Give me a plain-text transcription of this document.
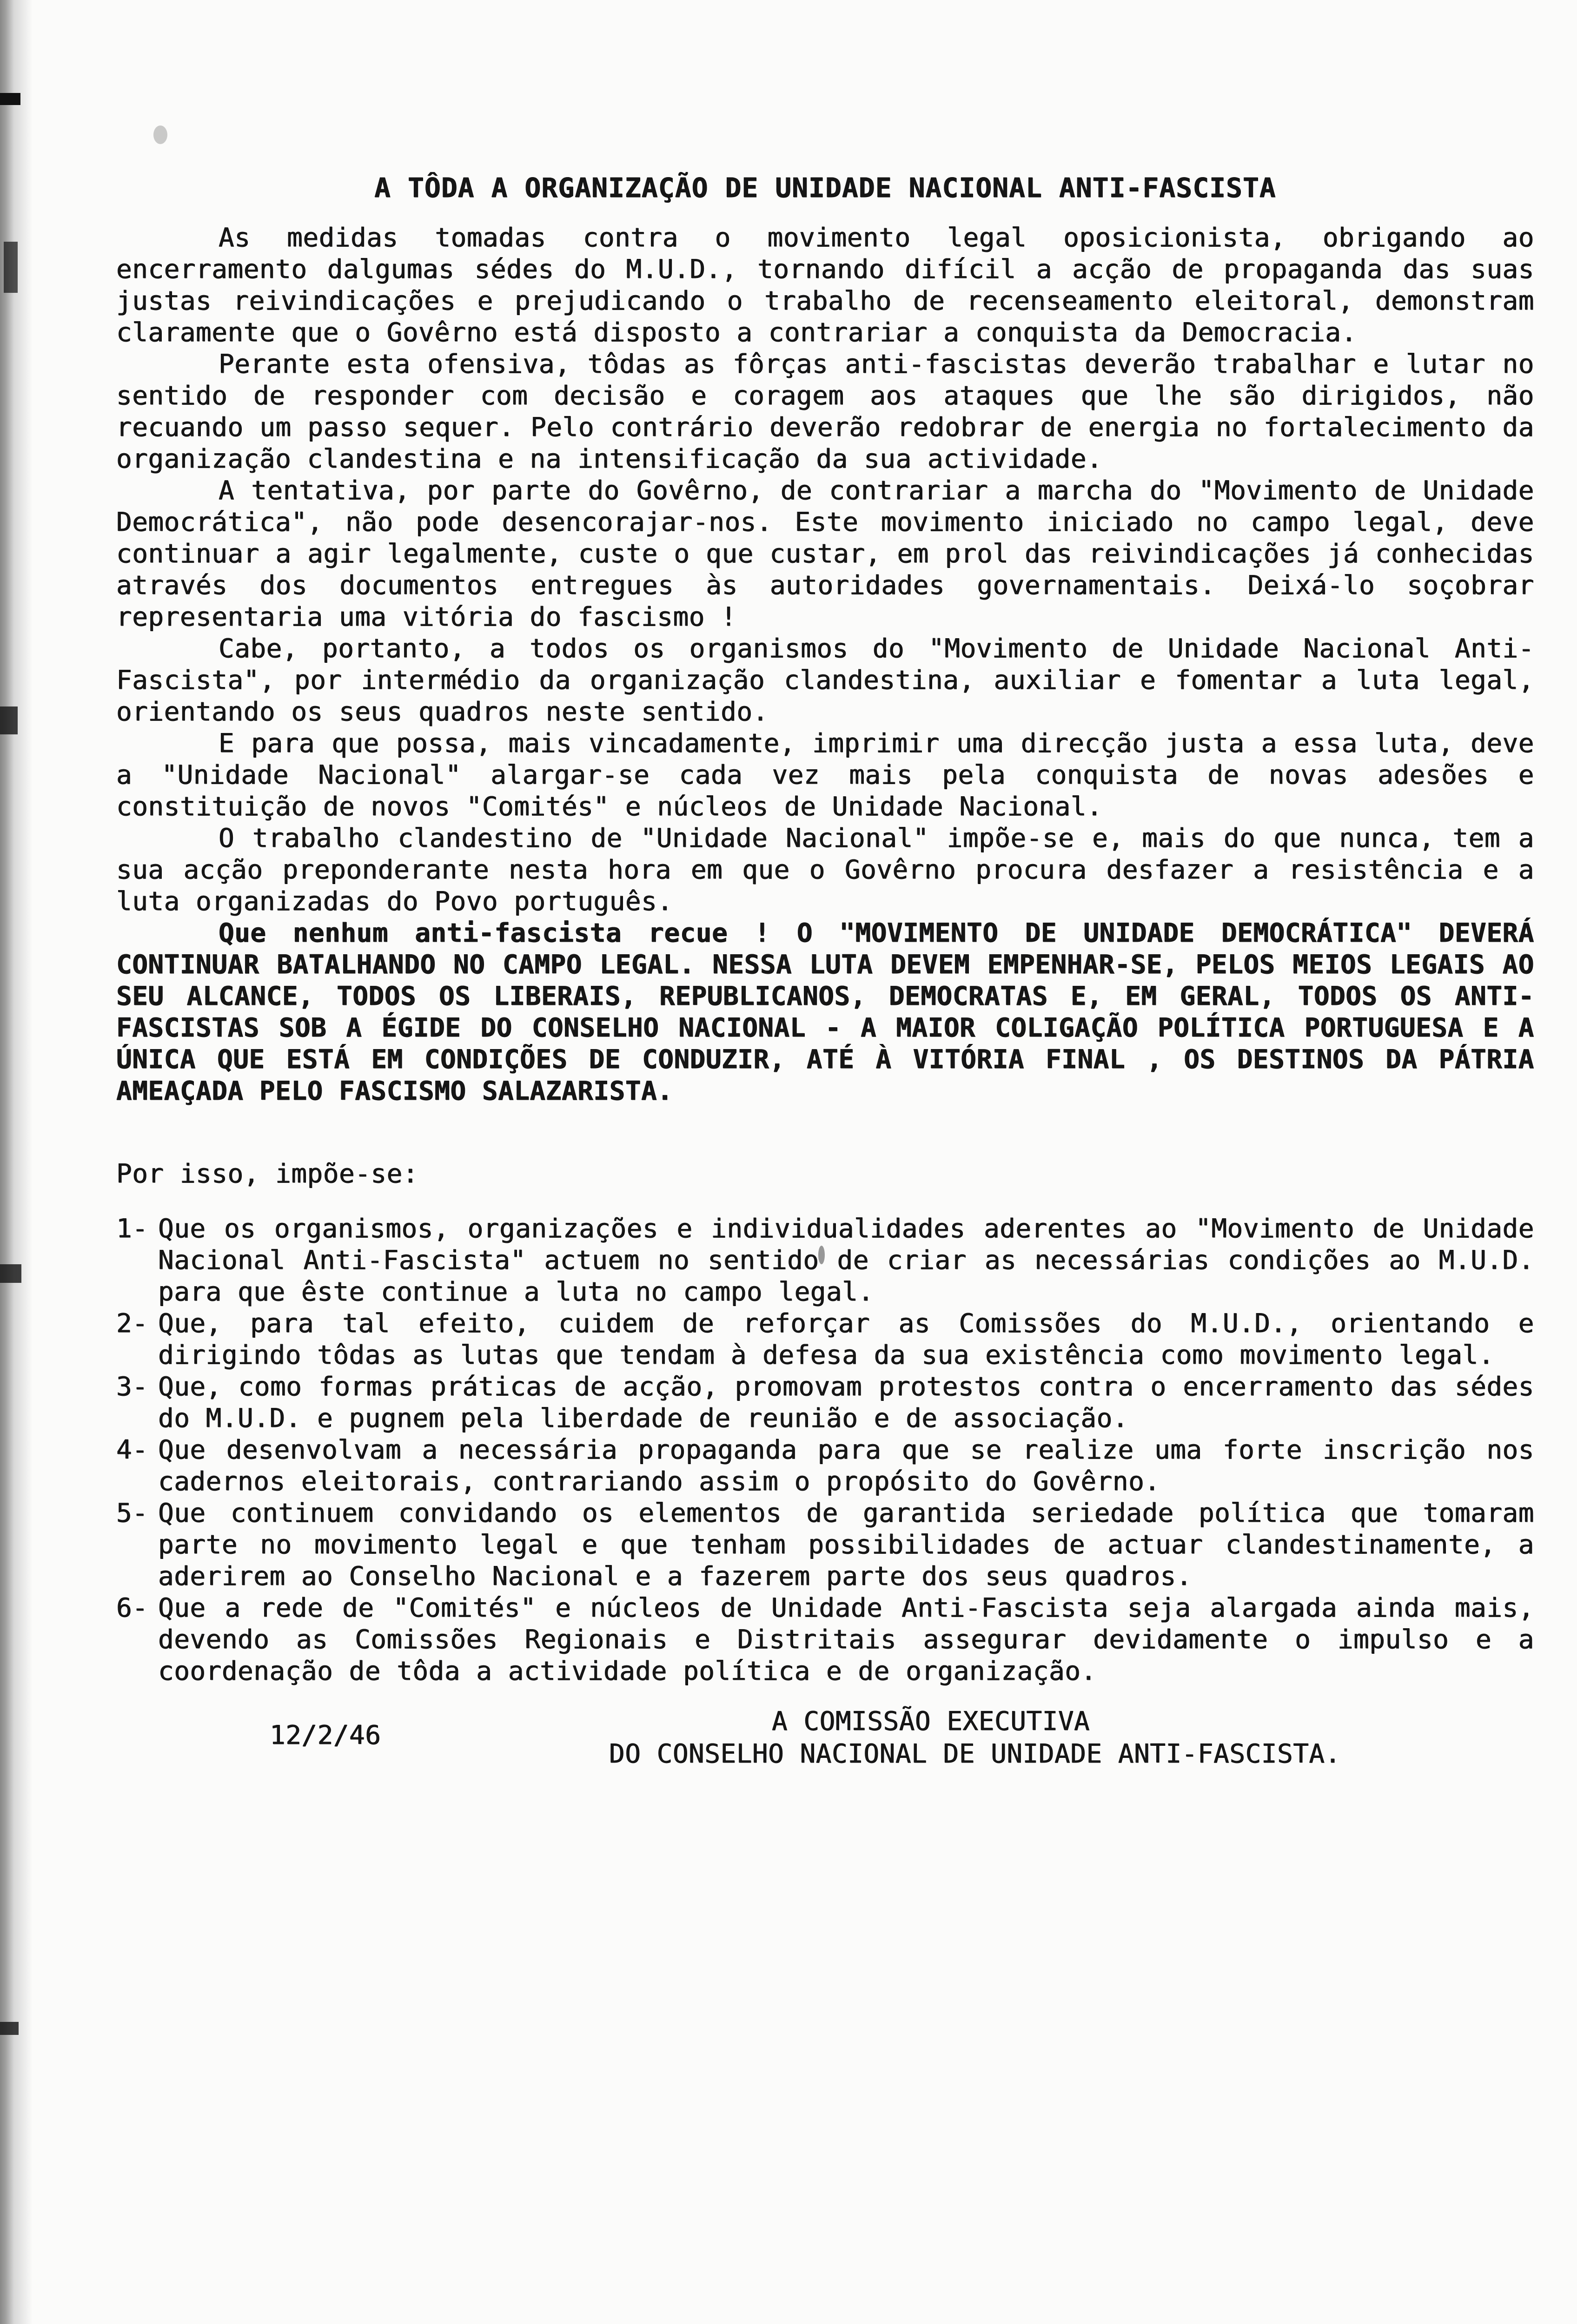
A TÔDA A ORGANIZAÇÃO DE UNIDADE NACIONAL ANTI-FASCISTA

As medidas tomadas contra o movimento legal oposicionista, obrigando ao encerramento dalgumas sédes do M.U.D., tornando difícil a acção de propaganda das suas justas reivindicações e prejudicando o trabalho de recenseamento eleitoral, demonstram claramente que o Govêrno está disposto a contrariar a conquista da Democracia.

Perante esta ofensiva, tôdas as fôrças anti-fascistas deverão trabalhar e lutar no sentido de responder com decisão e coragem aos ataques que lhe são dirigidos, não recuando um passo sequer. Pelo contrário deverão redobrar de energia no fortalecimento da organização clandestina e na intensificação da sua actividade.

A tentativa, por parte do Govêrno, de contrariar a marcha do "Movimento de Unidade Democrática", não pode desencorajar-nos. Este movimento iniciado no campo legal, deve continuar a agir legalmente, custe o que custar, em prol das reivindicações já conhecidas através dos documentos entregues às autoridades governamentais. Deixá-lo soçobrar representaria uma vitória do fascismo !

Cabe, portanto, a todos os organismos do "Movimento de Unidade Nacional Anti-Fascista", por intermédio da organização clandestina, auxiliar e fomentar a luta legal, orientando os seus quadros neste sentido.

E para que possa, mais vincadamente, imprimir uma direcção justa a essa luta, deve a "Unidade Nacional" alargar-se cada vez mais pela conquista de novas adesões e constituição de novos "Comités" e núcleos de Unidade Nacional.

O trabalho clandestino de "Unidade Nacional" impõe-se e, mais do que nunca, tem a sua acção preponderante nesta hora em que o Govêrno procura desfazer a resistência e a luta organizadas do Povo português.

Que nenhum anti-fascista recue ! O "MOVIMENTO DE UNIDADE DEMOCRÁTICA" DEVERÁ CONTINUAR BATALHANDO NO CAMPO LEGAL. NESSA LUTA DEVEM EMPENHAR-SE, PELOS MEIOS LEGAIS AO SEU ALCANCE, TODOS OS LIBERAIS, REPUBLICANOS, DEMOCRATAS E, EM GERAL, TODOS OS ANTI-FASCISTAS SOB A ÉGIDE DO CONSELHO NACIONAL - A MAIOR COLIGAÇÃO POLÍTICA PORTUGUESA E A ÚNICA QUE ESTÁ EM CONDIÇÕES DE CONDUZIR, ATÉ À VITÓRIA FINAL , OS DESTINOS DA PÁTRIA AMEAÇADA PELO FASCISMO SALAZARISTA.

Por isso, impõe-se:
1- Que os organismos, organizações e individualidades aderentes ao "Movimento de Unidade Nacional Anti-Fascista" actuem no sentido de criar as necessárias condições ao M.U.D. para que êste continue a luta no campo legal.
2- Que, para tal efeito, cuidem de reforçar as Comissões do M.U.D., orientando e dirigindo tôdas as lutas que tendam à defesa da sua existência como movimento legal.
3- Que, como formas práticas de acção, promovam protestos contra o encerramento das sédes do M.U.D. e pugnem pela liberdade de reunião e de associação.
4- Que desenvolvam a necessária propaganda para que se realize uma forte inscrição nos cadernos eleitorais, contrariando assim o propósito do Govêrno.
5- Que continuem convidando os elementos de garantida seriedade política que tomaram parte no movimento legal e que tenham possibilidades de actuar clandestinamente, a aderirem ao Conselho Nacional e a fazerem parte dos seus quadros.
6- Que a rede de "Comités" e núcleos de Unidade Anti-Fascista seja alargada ainda mais, devendo as Comissões Regionais e Distritais assegurar devidamente o impulso e a coordenação de tôda a actividade política e de organização.
12/2/46	A COMISSÃO EXECUTIVA
DO CONSELHO NACIONAL DE UNIDADE ANTI-FASCISTA.
